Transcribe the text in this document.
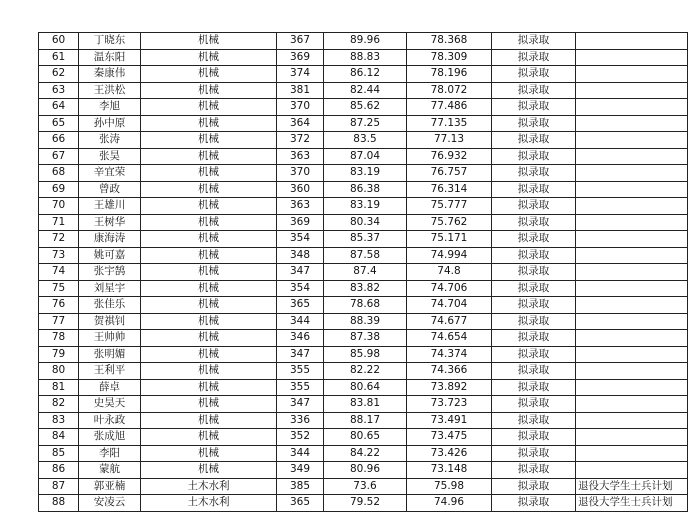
60	丁晓东	机械	367	89.96	78.368	拟录取	
61	温东阳	机械	369	88.83	78.309	拟录取	
62	秦康伟	机械	374	86.12	78.196	拟录取	
63	王洪松	机械	381	82.44	78.072	拟录取	
64	李旭	机械	370	85.62	77.486	拟录取	
65	孙中原	机械	364	87.25	77.135	拟录取	
66	张涛	机械	372	83.5	77.13	拟录取	
67	张昊	机械	363	87.04	76.932	拟录取	
68	辛宜荣	机械	370	83.19	76.757	拟录取	
69	曾政	机械	360	86.38	76.314	拟录取	
70	王雄川	机械	363	83.19	75.777	拟录取	
71	王树华	机械	369	80.34	75.762	拟录取	
72	康海涛	机械	354	85.37	75.171	拟录取	
73	姚可嘉	机械	348	87.58	74.994	拟录取	
74	张宇鹄	机械	347	87.4	74.8	拟录取	
75	刘星宇	机械	354	83.82	74.706	拟录取	
76	张佳乐	机械	365	78.68	74.704	拟录取	
77	贺祺钊	机械	344	88.39	74.677	拟录取	
78	王帅帅	机械	346	87.38	74.654	拟录取	
79	张明媚	机械	347	85.98	74.374	拟录取	
80	王利平	机械	355	82.22	74.366	拟录取	
81	薛卓	机械	355	80.64	73.892	拟录取	
82	史昊天	机械	347	83.81	73.723	拟录取	
83	叶永政	机械	336	88.17	73.491	拟录取	
84	张成旭	机械	352	80.65	73.475	拟录取	
85	李阳	机械	344	84.22	73.426	拟录取	
86	蒙航	机械	349	80.96	73.148	拟录取	
87	郭亚楠	土木水利	385	73.6	75.98	拟录取	退役大学生士兵计划
88	安凌云	土木水利	365	79.52	74.96	拟录取	退役大学生士兵计划
